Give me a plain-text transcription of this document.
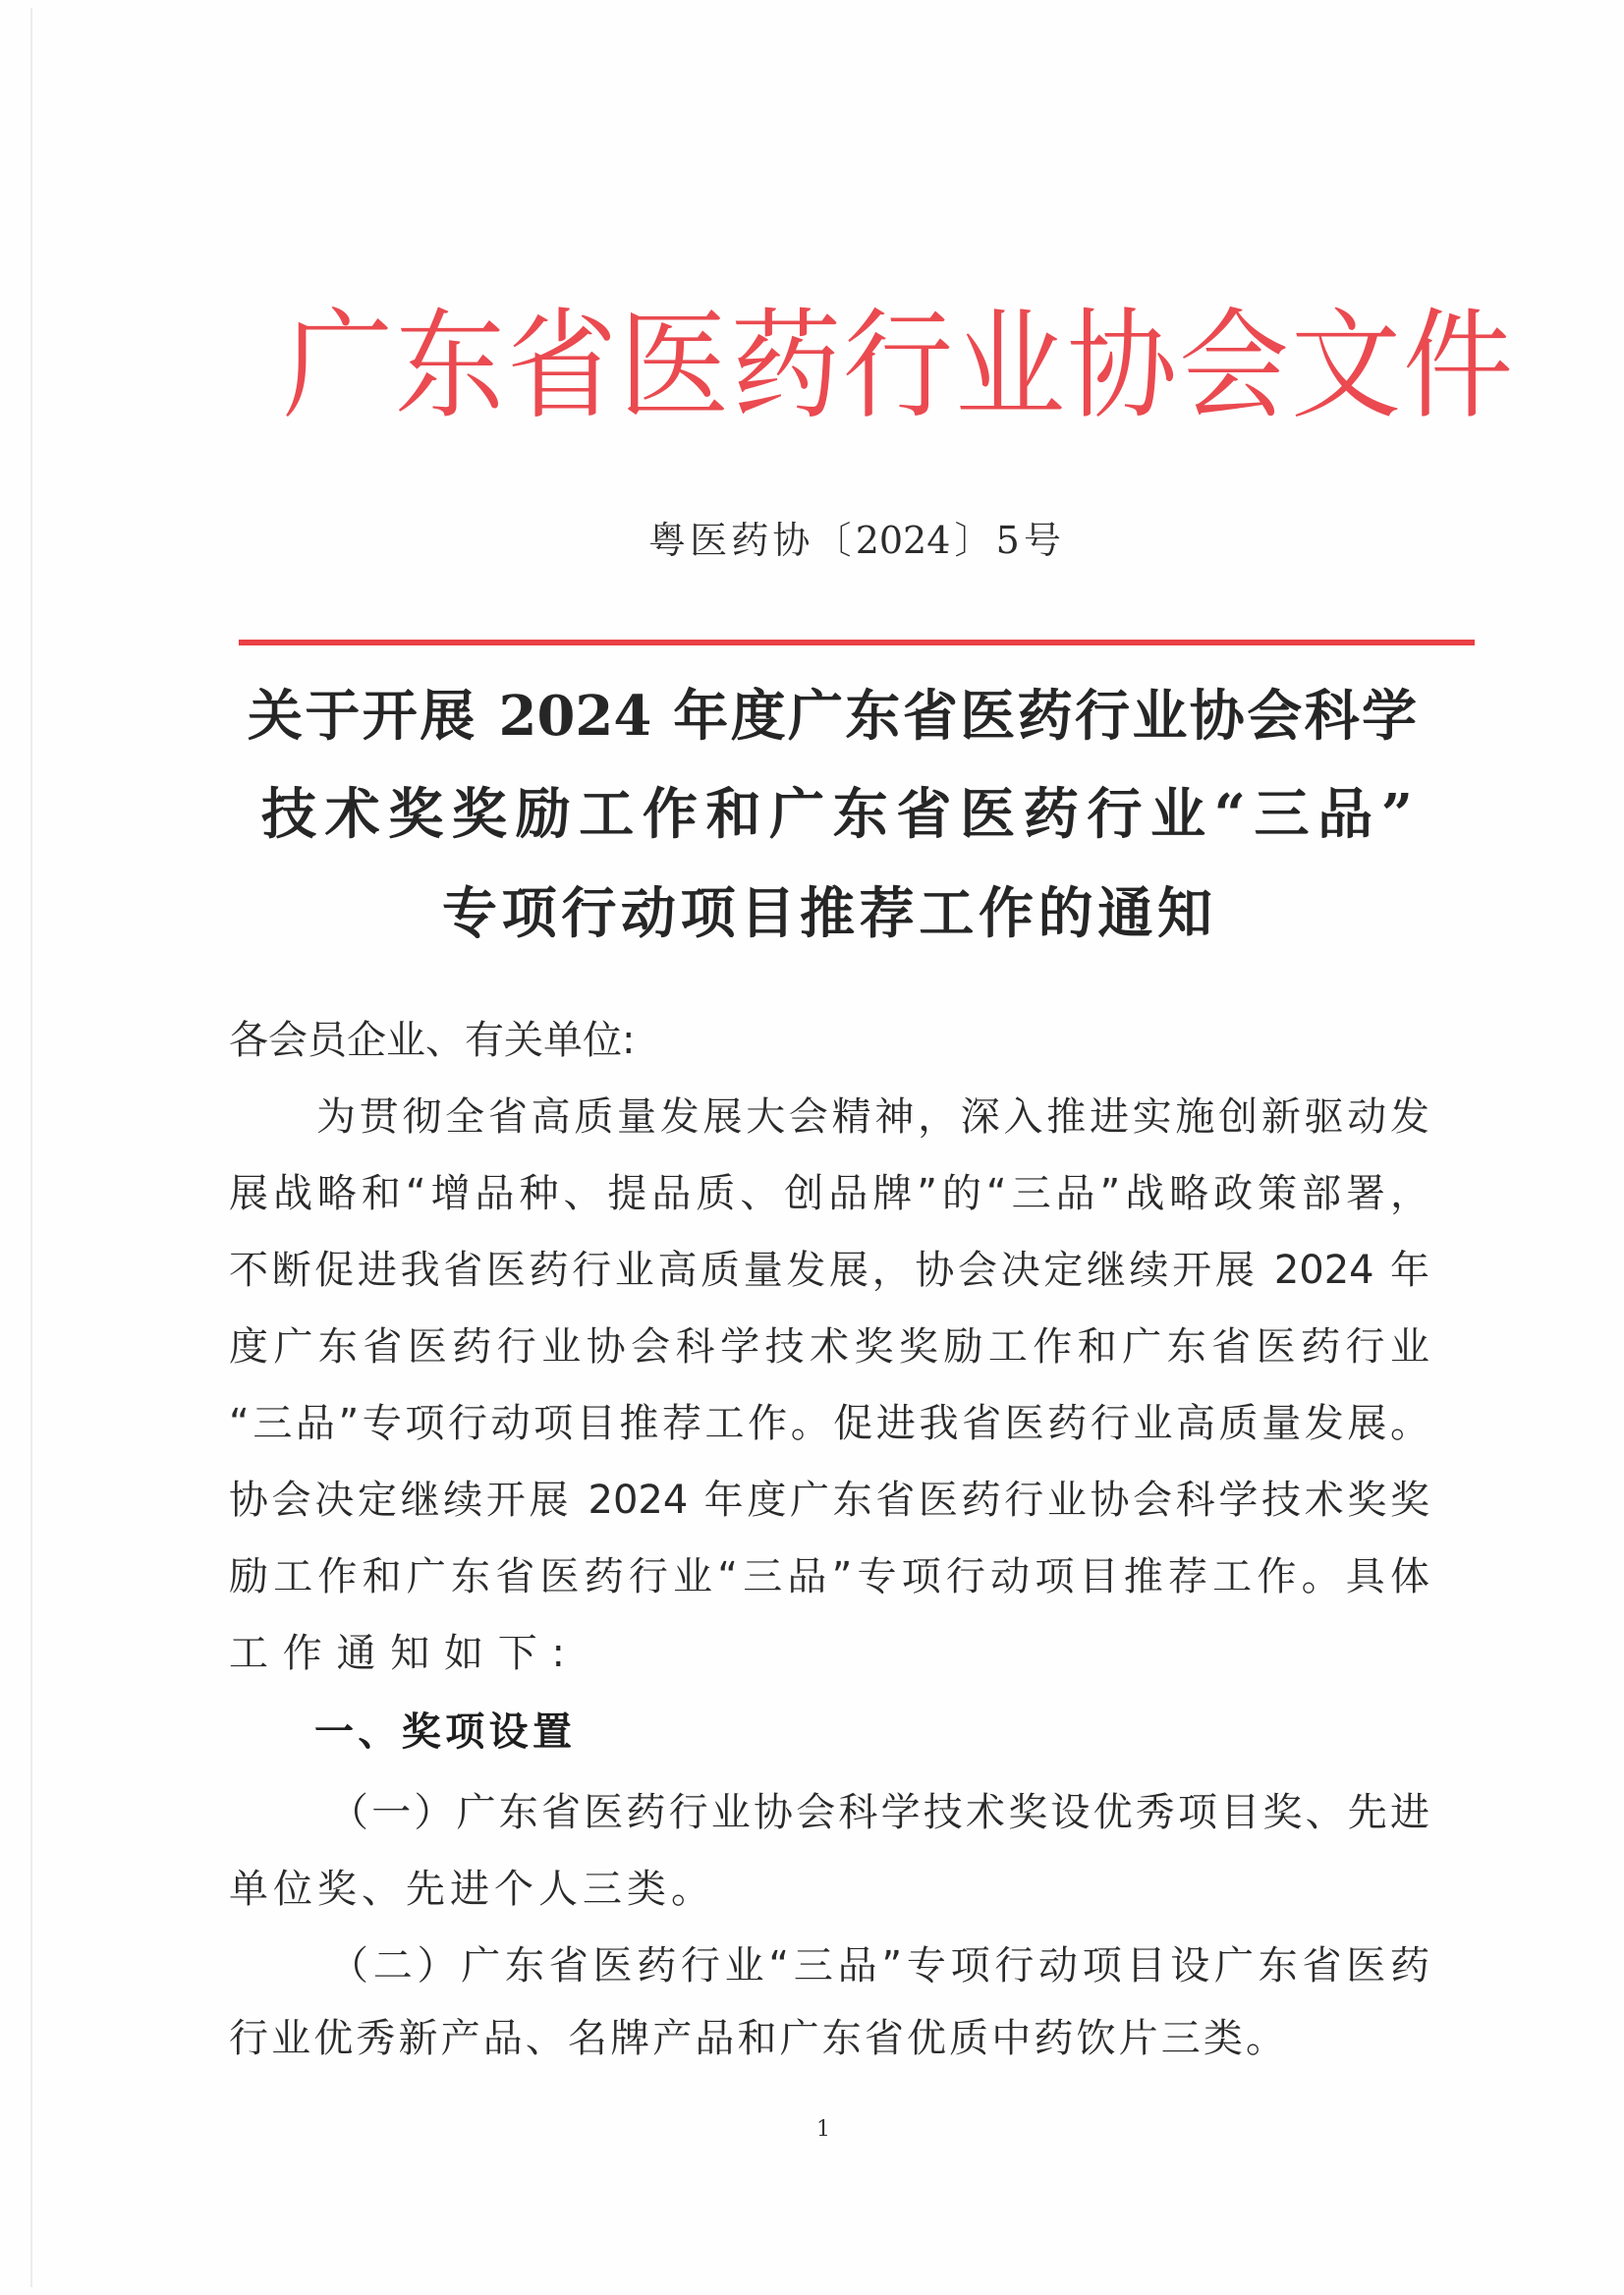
广东省医药行业协会文件
粤医药协〔2024〕5号
关于开展 2024 年度广东省医药行业协会科学
技术奖奖励工作和广东省医药行业“三品”
专项行动项目推荐工作的通知
各会员企业、有关单位:
为贯彻全省高质量发展大会精神，深入推进实施创新驱动发
展战略和“增品种、提品质、创品牌”的“三品”战略政策部署，
不断促进我省医药行业高质量发展，协会决定继续开展 2024 年
度广东省医药行业协会科学技术奖奖励工作和广东省医药行业
“三品”专项行动项目推荐工作。促进我省医药行业高质量发展。
协会决定继续开展 2024 年度广东省医药行业协会科学技术奖奖
励工作和广东省医药行业“三品”专项行动项目推荐工作。具体
工作通知如下:
一、奖项设置
（一）广东省医药行业协会科学技术奖设优秀项目奖、先进
单位奖、先进个人三类。
（二）广东省医药行业“三品”专项行动项目设广东省医药
行业优秀新产品、名牌产品和广东省优质中药饮片三类。
1
